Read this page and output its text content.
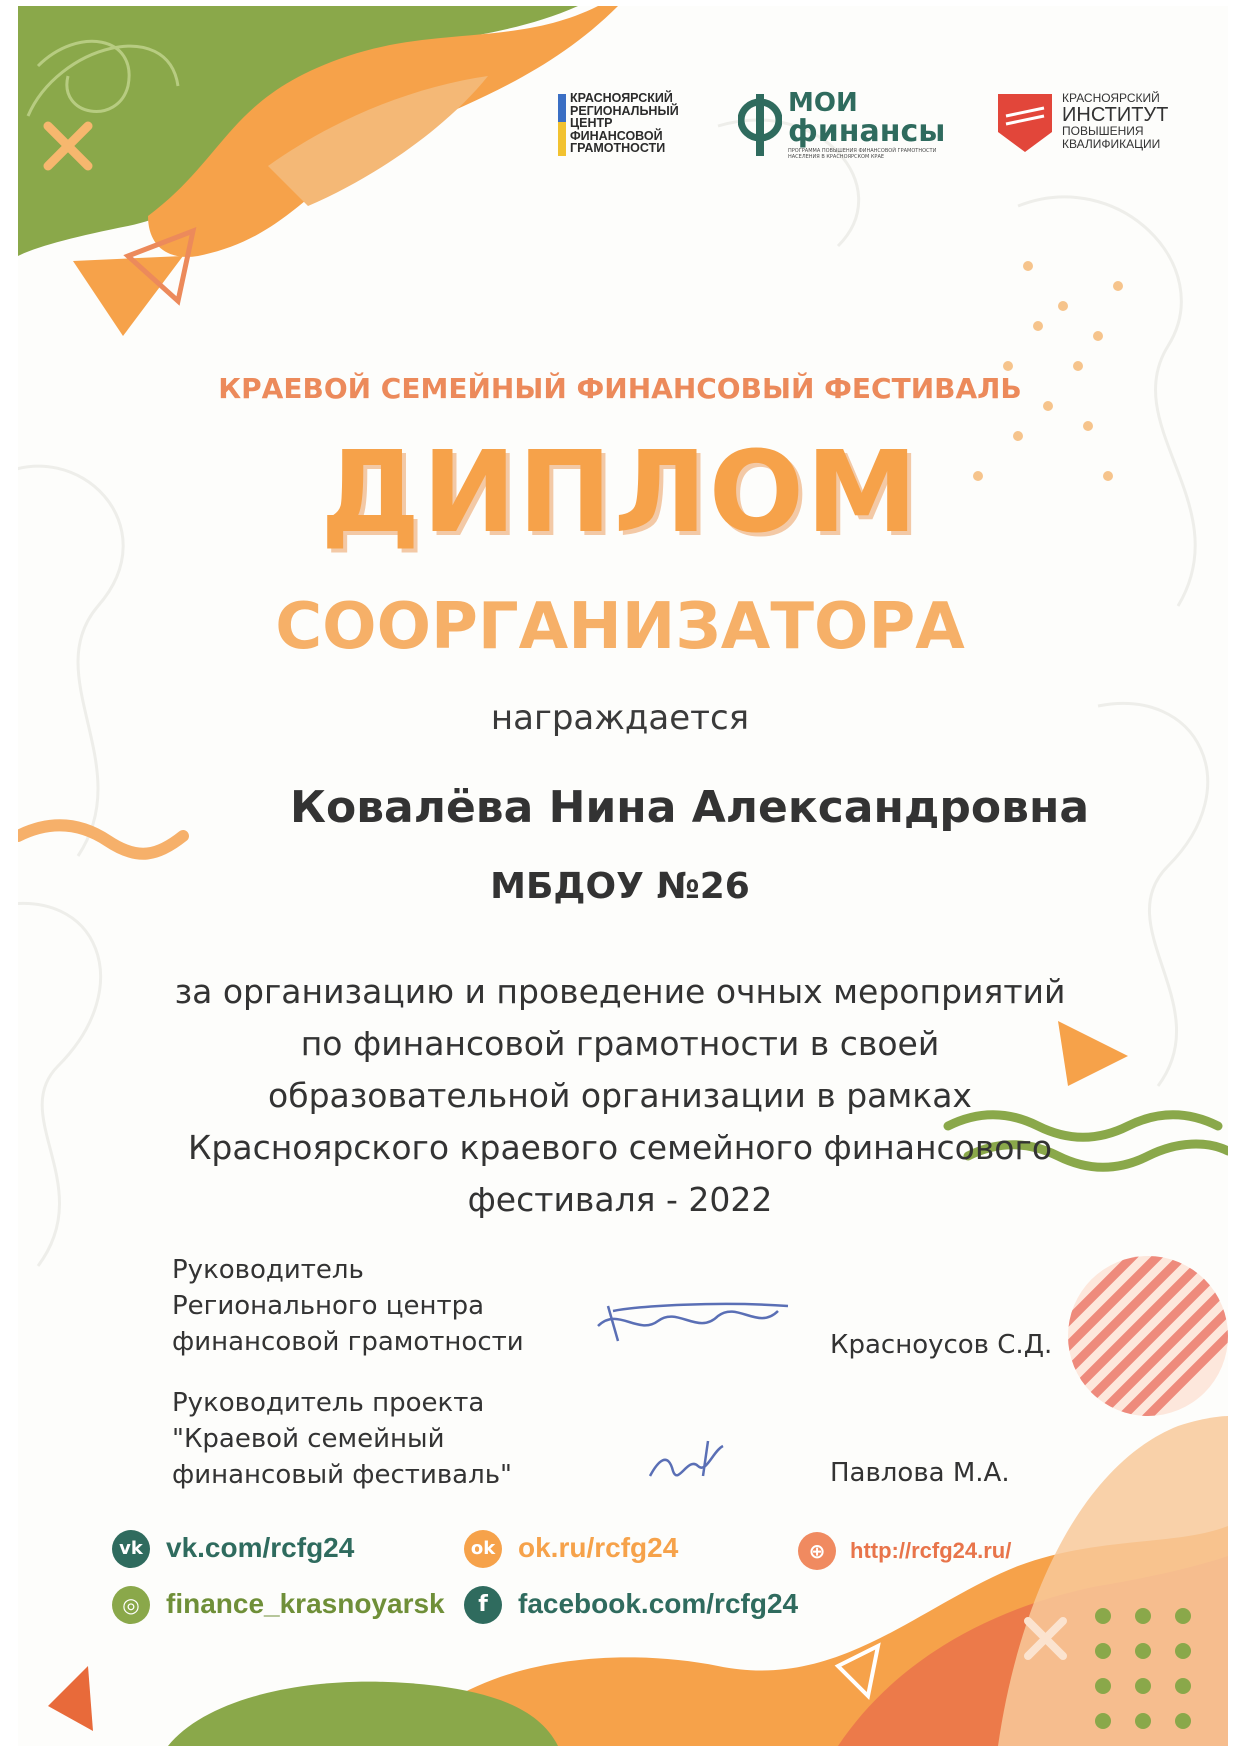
КРАСНОЯРСКИЙ
РЕГИОНАЛЬНЫЙ
ЦЕНТР
ФИНАНСОВОЙ
ГРАМОТНОСТИ
МОИ
финансы
ПРОГРАММА ПОВЫШЕНИЯ ФИНАНСОВОЙ ГРАМОТНОСТИ НАСЕЛЕНИЯ В КРАСНОЯРСКОМ КРАЕ
КРАСНОЯРСКИЙ
ИНСТИТУТ
ПОВЫШЕНИЯ
КВАЛИФИКАЦИИ
КРАЕВОЙ СЕМЕЙНЫЙ ФИНАНСОВЫЙ ФЕСТИВАЛЬ
ДИПЛОМ
СООРГАНИЗАТОРА
награждается
Ковалёва Нина Александровна
МБДОУ №26
за организацию и проведение очных мероприятий
по финансовой грамотности в своей
образовательной организации в рамках
Красноярского краевого семейного финансового
фестиваля - 2022
Руководитель
Регионального центра
финансовой грамотности	Красноусов С.Д.
Руководитель проекта
"Краевой семейный
финансовый фестиваль"	Павлова М.А.
vk vk.com/rcfg24	ok ok.ru/rcfg24	⊕	http://rcfg24.ru/
◎ finance_krasnoyarsk	f	facebook.com/rcfg24
